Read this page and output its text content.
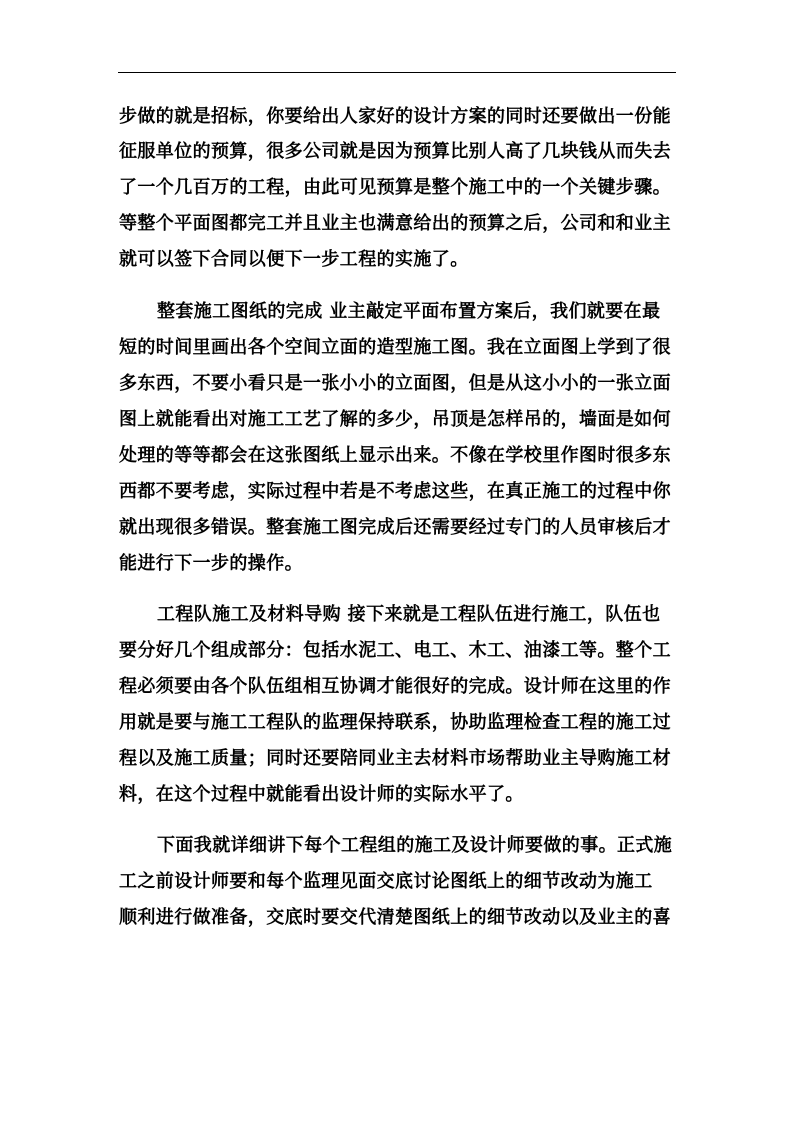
步做的就是招标，你要给出人家好的设计方案的同时还要做出一份能

征服单位的预算，很多公司就是因为预算比别人高了几块钱从而失去

了一个几百万的工程，由此可见预算是整个施工中的一个关键步骤。

等整个平面图都完工并且业主也满意给出的预算之后，公司和和业主

就可以签下合同以便下一步工程的实施了。

整套施工图纸的完成 业主敲定平面布置方案后，我们就要在最

短的时间里画出各个空间立面的造型施工图。我在立面图上学到了很

多东西，不要小看只是一张小小的立面图，但是从这小小的一张立面

图上就能看出对施工工艺了解的多少，吊顶是怎样吊的，墙面是如何

处理的等等都会在这张图纸上显示出来。不像在学校里作图时很多东

西都不要考虑，实际过程中若是不考虑这些，在真正施工的过程中你

就出现很多错误。整套施工图完成后还需要经过专门的人员审核后才

能进行下一步的操作。

工程队施工及材料导购 接下来就是工程队伍进行施工，队伍也

要分好几个组成部分：包括水泥工、电工、木工、油漆工等。整个工

程必须要由各个队伍组相互协调才能很好的完成。设计师在这里的作

用就是要与施工工程队的监理保持联系，协助监理检查工程的施工过

程以及施工质量；同时还要陪同业主去材料市场帮助业主导购施工材

料，在这个过程中就能看出设计师的实际水平了。

下面我就详细讲下每个工程组的施工及设计师要做的事。正式施

工之前设计师要和每个监理见面交底讨论图纸上的细节改动为施工

顺利进行做准备，交底时要交代清楚图纸上的细节改动以及业主的喜
